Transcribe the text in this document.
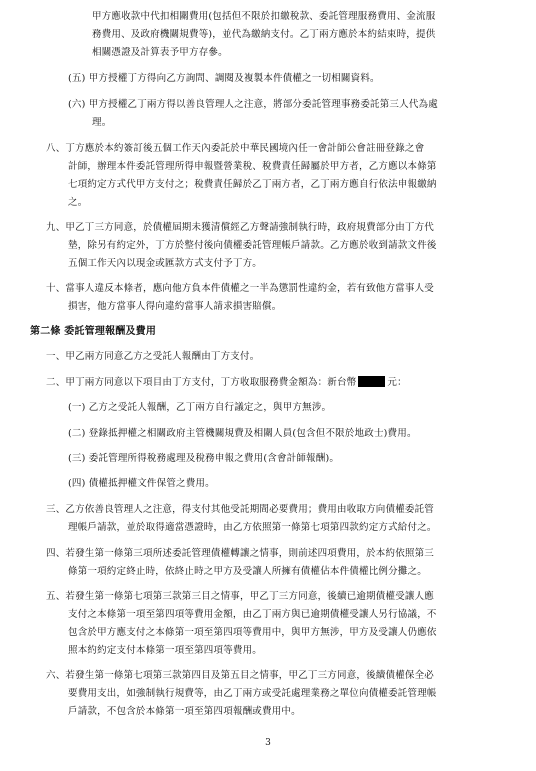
甲方應收款中代扣相關費用(包括但不限於扣繳稅款、委託管理服務費用、金流服
務費用、及政府機關規費等)，並代為繳納支付。乙丁兩方應於本約結束時，提供
相關憑證及計算表予甲方存參。
(五) 甲方授權丁方得向乙方詢問、調閱及複製本件債權之一切相關資料。
(六) 甲方授權乙丁兩方得以善良管理人之注意，將部分委託管理事務委託第三人代為處
理。
八、丁方應於本約簽訂後五個工作天內委託於中華民國境內任一會計師公會註冊登錄之會
計師，辦理本件委託管理所得申報暨營業稅、稅費責任歸屬於甲方者，乙方應以本條第
七項約定方式代甲方支付之；稅費責任歸於乙丁兩方者，乙丁兩方應自行依法申報繳納
之。
九、甲乙丁三方同意，於債權屆期未獲清償經乙方聲請強制執行時，政府規費部分由丁方代
墊，除另有約定外，丁方於整付後向債權委託管理帳戶請款。乙方應於收到請款文件後
五個工作天內以現金或匯款方式支付予丁方。
十、當事人違反本條者，應向他方負本件債權之一半為懲罰性違約金，若有致他方當事人受
損害，他方當事人得向違約當事人請求損害賠償。
第二條 委託管理報酬及費用
一、甲乙兩方同意乙方之受託人報酬由丁方支付。
二、甲丁兩方同意以下項目由丁方支付，丁方收取服務費金額為：新台幣	元：
(一) 乙方之受託人報酬，乙丁兩方自行議定之，與甲方無涉。
(二) 登錄抵押權之相關政府主管機關規費及相關人員(包含但不限於地政士)費用。
(三) 委託管理所得稅務處理及稅務申報之費用(含會計師報酬)。
(四) 債權抵押權文件保管之費用。
三、乙方依善良管理人之注意，得支付其他受託期間必要費用；費用由收取方向債權委託管
理帳戶請款，並於取得適當憑證時，由乙方依照第一條第七項第四款約定方式給付之。
四、若發生第一條第三項所述委託管理債權轉讓之情事，則前述四項費用，於本約依照第三
條第一項約定終止時，依終止時之甲方及受讓人所擁有債權佔本件債權比例分攤之。
五、若發生第一條第七項第三款第三目之情事，甲乙丁三方同意，後續已逾期債權受讓人應
支付之本條第一項至第四項等費用金額，由乙丁兩方與已逾期債權受讓人另行協議，不
包含於甲方應支付之本條第一項至第四項等費用中，與甲方無涉，甲方及受讓人仍應依
照本約約定支付本條第一項至第四項等費用。
六、若發生第一條第七項第三款第四目及第五目之情事，甲乙丁三方同意，後續債權保全必
要費用支出，如強制執行規費等，由乙丁兩方或受託處理業務之單位向債權委託管理帳
戶請款，不包含於本條第一項至第四項報酬或費用中。
3
